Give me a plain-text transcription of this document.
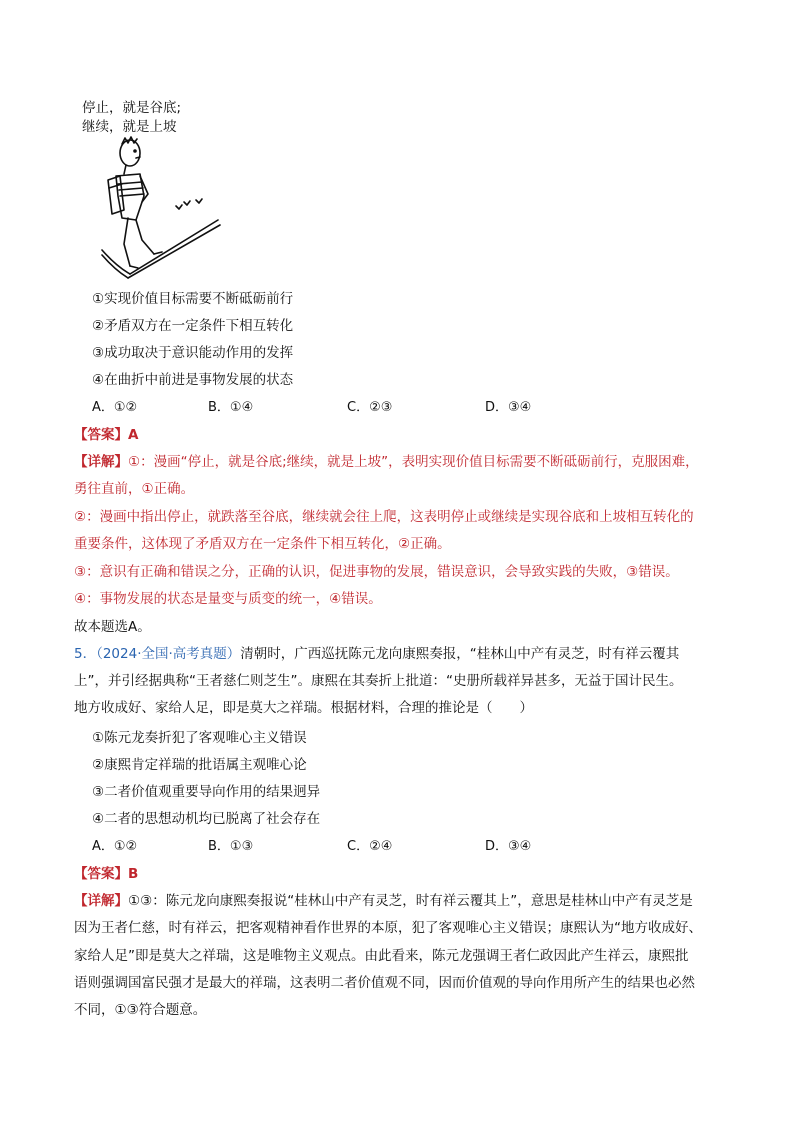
停止，就是谷底;
继续，就是上坡
①实现价值目标需要不断砥砺前行
②矛盾双方在一定条件下相互转化
③成功取决于意识能动作用的发挥
④在曲折中前进是事物发展的状态
A．①②	B．①④	C．②③	D．③④
【答案】A
【详解】①：漫画“停止，就是谷底;继续，就是上坡”，表明实现价值目标需要不断砥砺前行，克服困难，
勇往直前，①正确。
②：漫画中指出停止，就跌落至谷底，继续就会往上爬，这表明停止或继续是实现谷底和上坡相互转化的
重要条件，这体现了矛盾双方在一定条件下相互转化，②正确。
③：意识有正确和错误之分，正确的认识，促进事物的发展，错误意识，会导致实践的失败，③错误。
④：事物发展的状态是量变与质变的统一，④错误。
故本题选A。
5．（2024·全国·高考真题）清朝时，广西巡抚陈元龙向康熙奏报，“桂林山中产有灵芝，时有祥云覆其
上”，并引经据典称“王者慈仁则芝生”。康熙在其奏折上批道：“史册所载祥异甚多，无益于国计民生。
地方收成好、家给人足，即是莫大之祥瑞。根据材料，合理的推论是（　　）
①陈元龙奏折犯了客观唯心主义错误
②康熙肯定祥瑞的批语属主观唯心论
③二者价值观重要导向作用的结果迥异
④二者的思想动机均已脱离了社会存在
A．①②	B．①③	C．②④	D．③④
【答案】B
【详解】①③：陈元龙向康熙奏报说“桂林山中产有灵芝，时有祥云覆其上”，意思是桂林山中产有灵芝是
因为王者仁慈，时有祥云，把客观精神看作世界的本原，犯了客观唯心主义错误；康熙认为“地方收成好、
家给人足”即是莫大之祥瑞，这是唯物主义观点。由此看来，陈元龙强调王者仁政因此产生祥云，康熙批
语则强调国富民强才是最大的祥瑞，这表明二者价值观不同，因而价值观的导向作用所产生的结果也必然
不同，①③符合题意。
